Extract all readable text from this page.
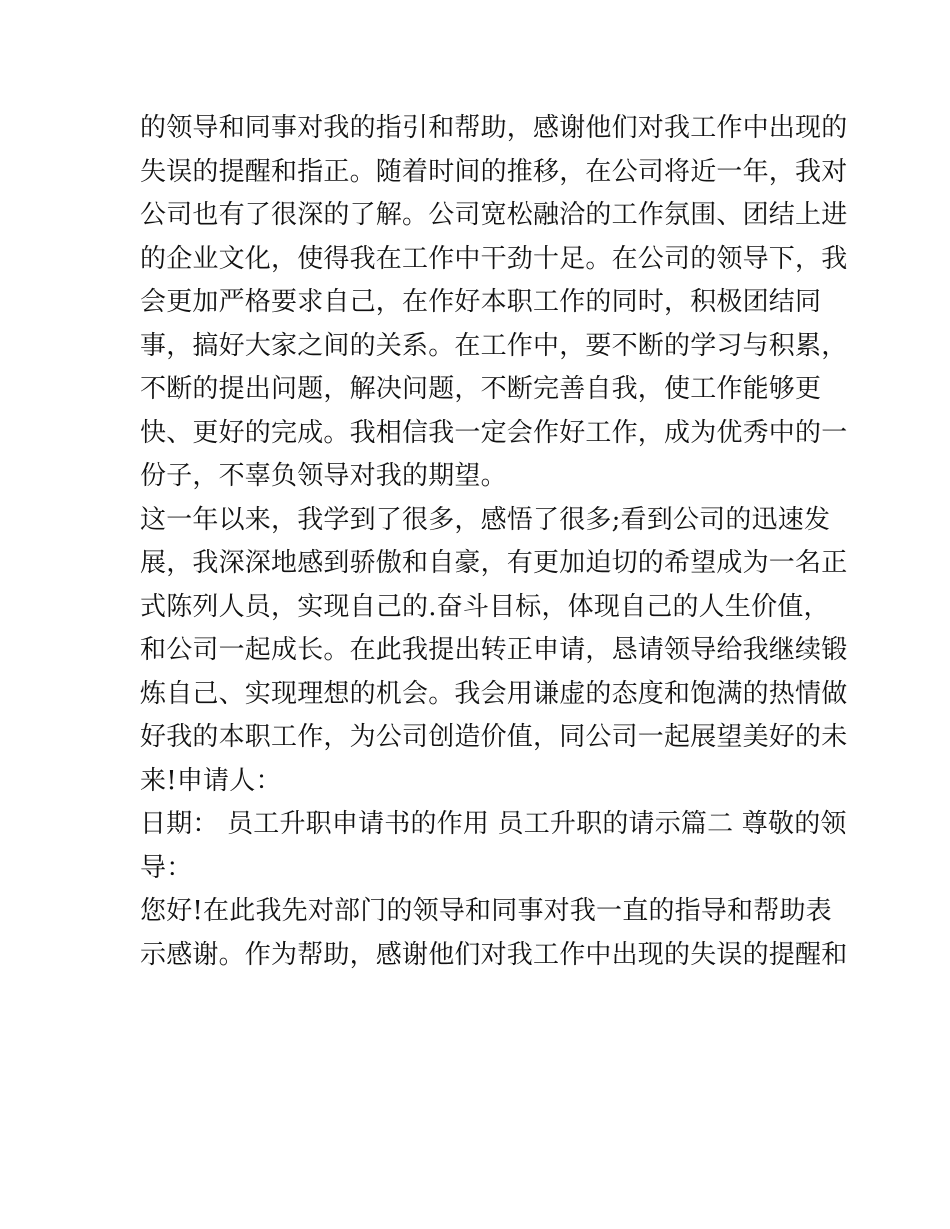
的领导和同事对我的指引和帮助，感谢他们对我工作中出现的
失误的提醒和指正。随着时间的推移，在公司将近一年，我对
公司也有了很深的了解。公司宽松融洽的工作氛围、团结上进
的企业文化，使得我在工作中干劲十足。在公司的领导下，我
会更加严格要求自己，在作好本职工作的同时，积极团结同
事，搞好大家之间的关系。在工作中，要不断的学习与积累，
不断的提出问题，解决问题，不断完善自我，使工作能够更
快、更好的完成。我相信我一定会作好工作，成为优秀中的一
份子，不辜负领导对我的期望。
这一年以来，我学到了很多，感悟了很多;看到公司的迅速发
展，我深深地感到骄傲和自豪，有更加迫切的希望成为一名正
式陈列人员，实现自己的.奋斗目标，体现自己的人生价值，
和公司一起成长。在此我提出转正申请，恳请领导给我继续锻
炼自己、实现理想的机会。我会用谦虚的态度和饱满的热情做
好我的本职工作，为公司创造价值，同公司一起展望美好的未
来!申请人：
日期： 员工升职申请书的作用 员工升职的请示篇二 尊敬的领
导：
您好!在此我先对部门的领导和同事对我一直的指导和帮助表
示感谢。作为帮助，感谢他们对我工作中出现的失误的提醒和
